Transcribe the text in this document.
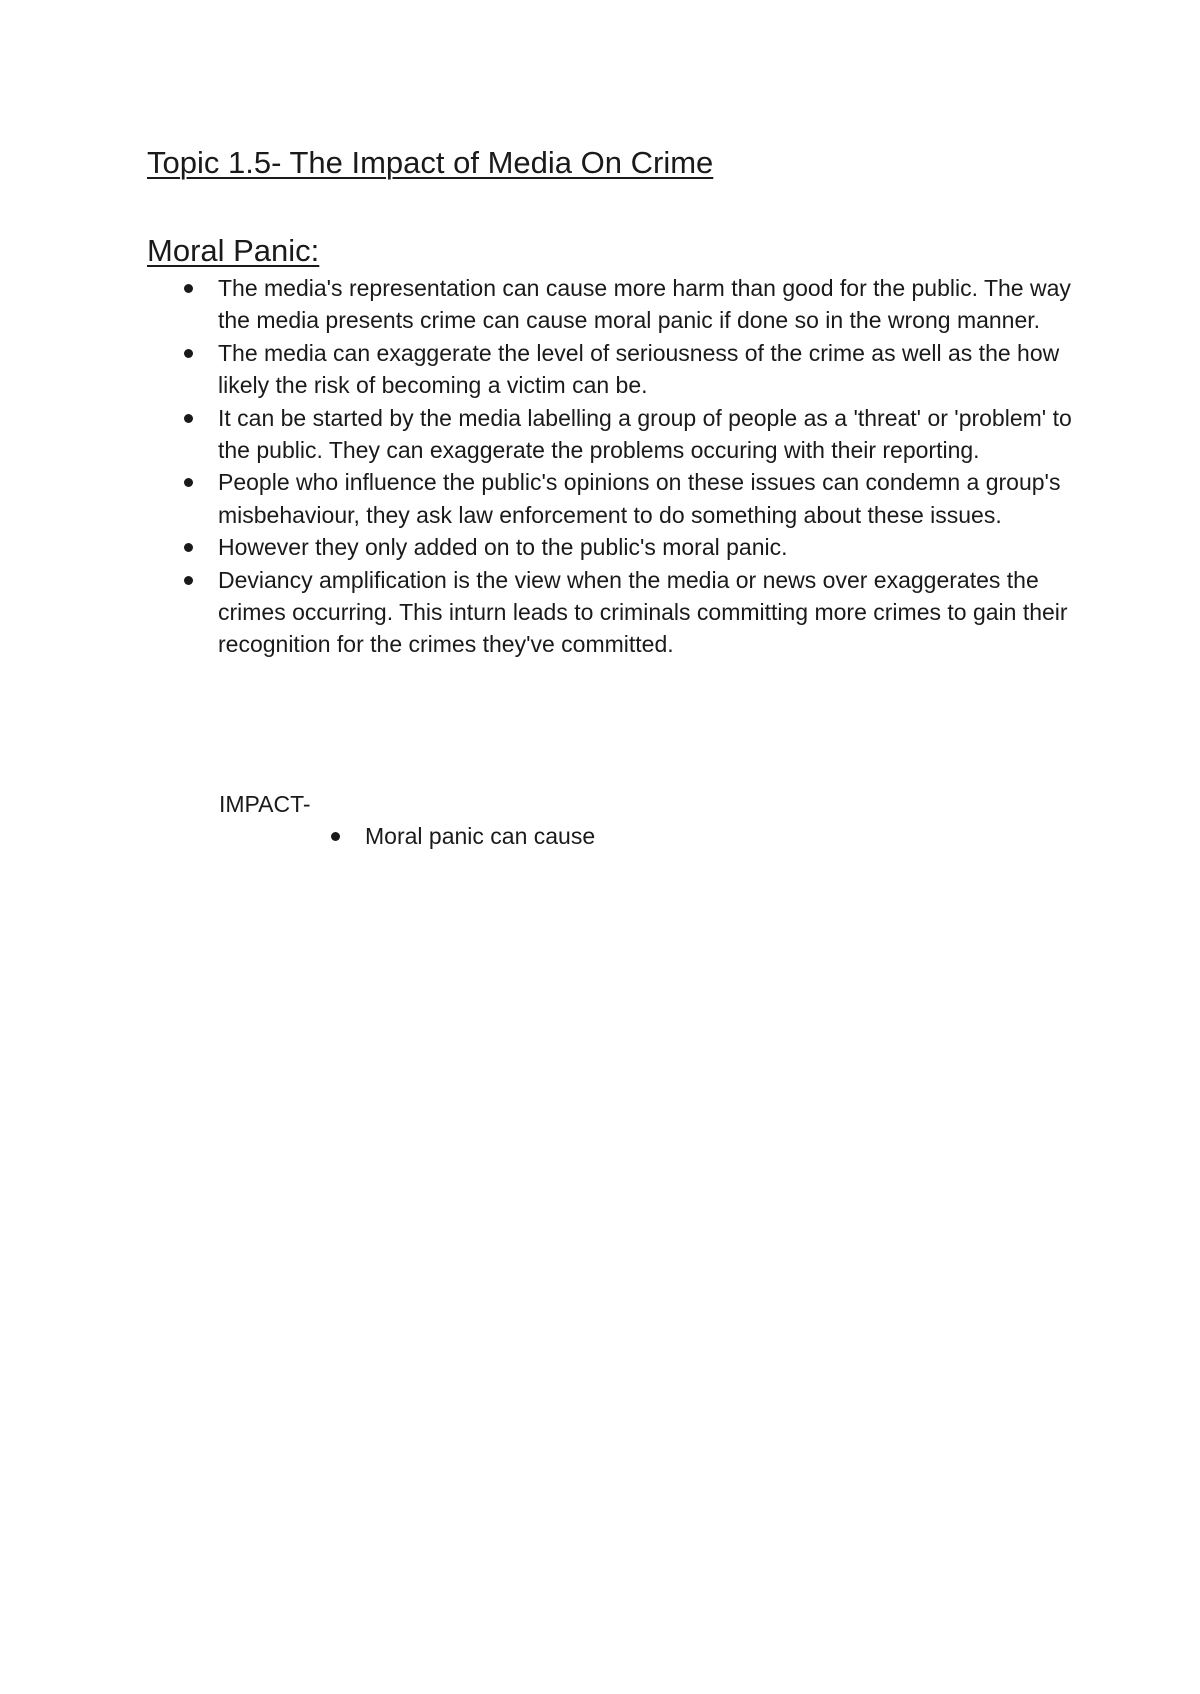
Topic 1.5- The Impact of Media On Crime
Moral Panic:
The media's representation can cause more harm than good for the public. The way the media presents crime can cause moral panic if done so in the wrong manner.
The media can exaggerate the level of seriousness of the crime as well as the how likely the risk of becoming a victim can be.
It can be started by the media labelling a group of people as a 'threat' or 'problem' to the public. They can exaggerate the problems occuring with their reporting.
People who influence the public's opinions on these issues can condemn a group's misbehaviour, they ask law enforcement to do something about these issues.
However they only added on to the public's moral panic.
Deviancy amplification is the view when the media or news over exaggerates the crimes occurring. This inturn leads to criminals committing more crimes to gain their recognition for the crimes they've committed.

IMPACT-

Moral panic can cause
